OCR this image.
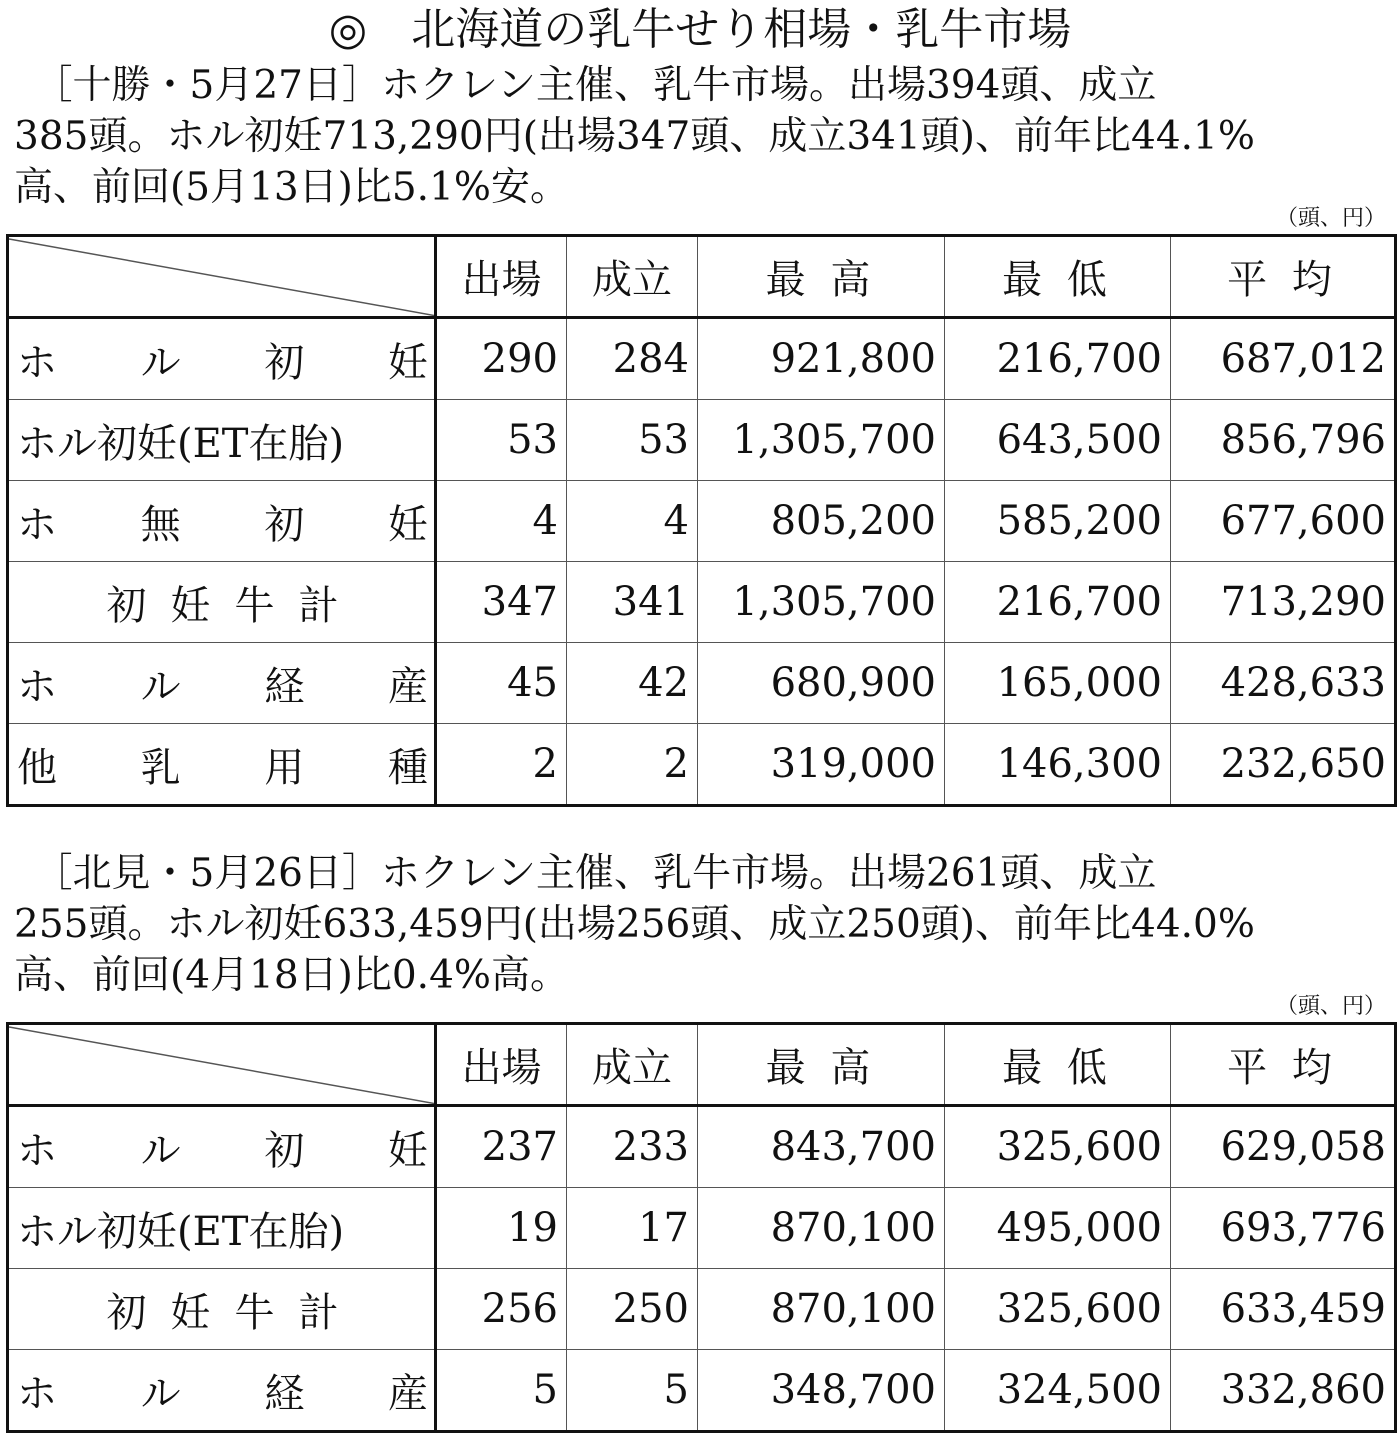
◎　北海道の乳牛せり相場・乳牛市場
　［十勝・5月27日］ホクレン主催、乳牛市場。出場394頭、成立
385頭。ホル初妊713,290円(出場347頭、成立341頭)、前年比44.1%
高、前回(5月13日)比5.1%安。
（頭、円）
	出場	成立	最 高	最 低	平 均

ホ ル 初 妊	290	284	921,800	216,700	687,012

ホル初妊(ET在胎)	53	53	1,305,700	643,500	856,796

ホ 無 初 妊	4	4	805,200	585,200	677,600

初 妊 牛 計	347	341	1,305,700	216,700	713,290

ホ ル 経 産	45	42	680,900	165,000	428,633

他 乳 用 種	2	2	319,000	146,300	232,650
　［北見・5月26日］ホクレン主催、乳牛市場。出場261頭、成立
255頭。ホル初妊633,459円(出場256頭、成立250頭)、前年比44.0%
高、前回(4月18日)比0.4%高。
（頭、円）
	出場	成立	最 高	最 低	平 均

ホ ル 初 妊	237	233	843,700	325,600	629,058

ホル初妊(ET在胎)	19	17	870,100	495,000	693,776

初 妊 牛 計	256	250	870,100	325,600	633,459

ホ ル 経 産	5	5	348,700	324,500	332,860
